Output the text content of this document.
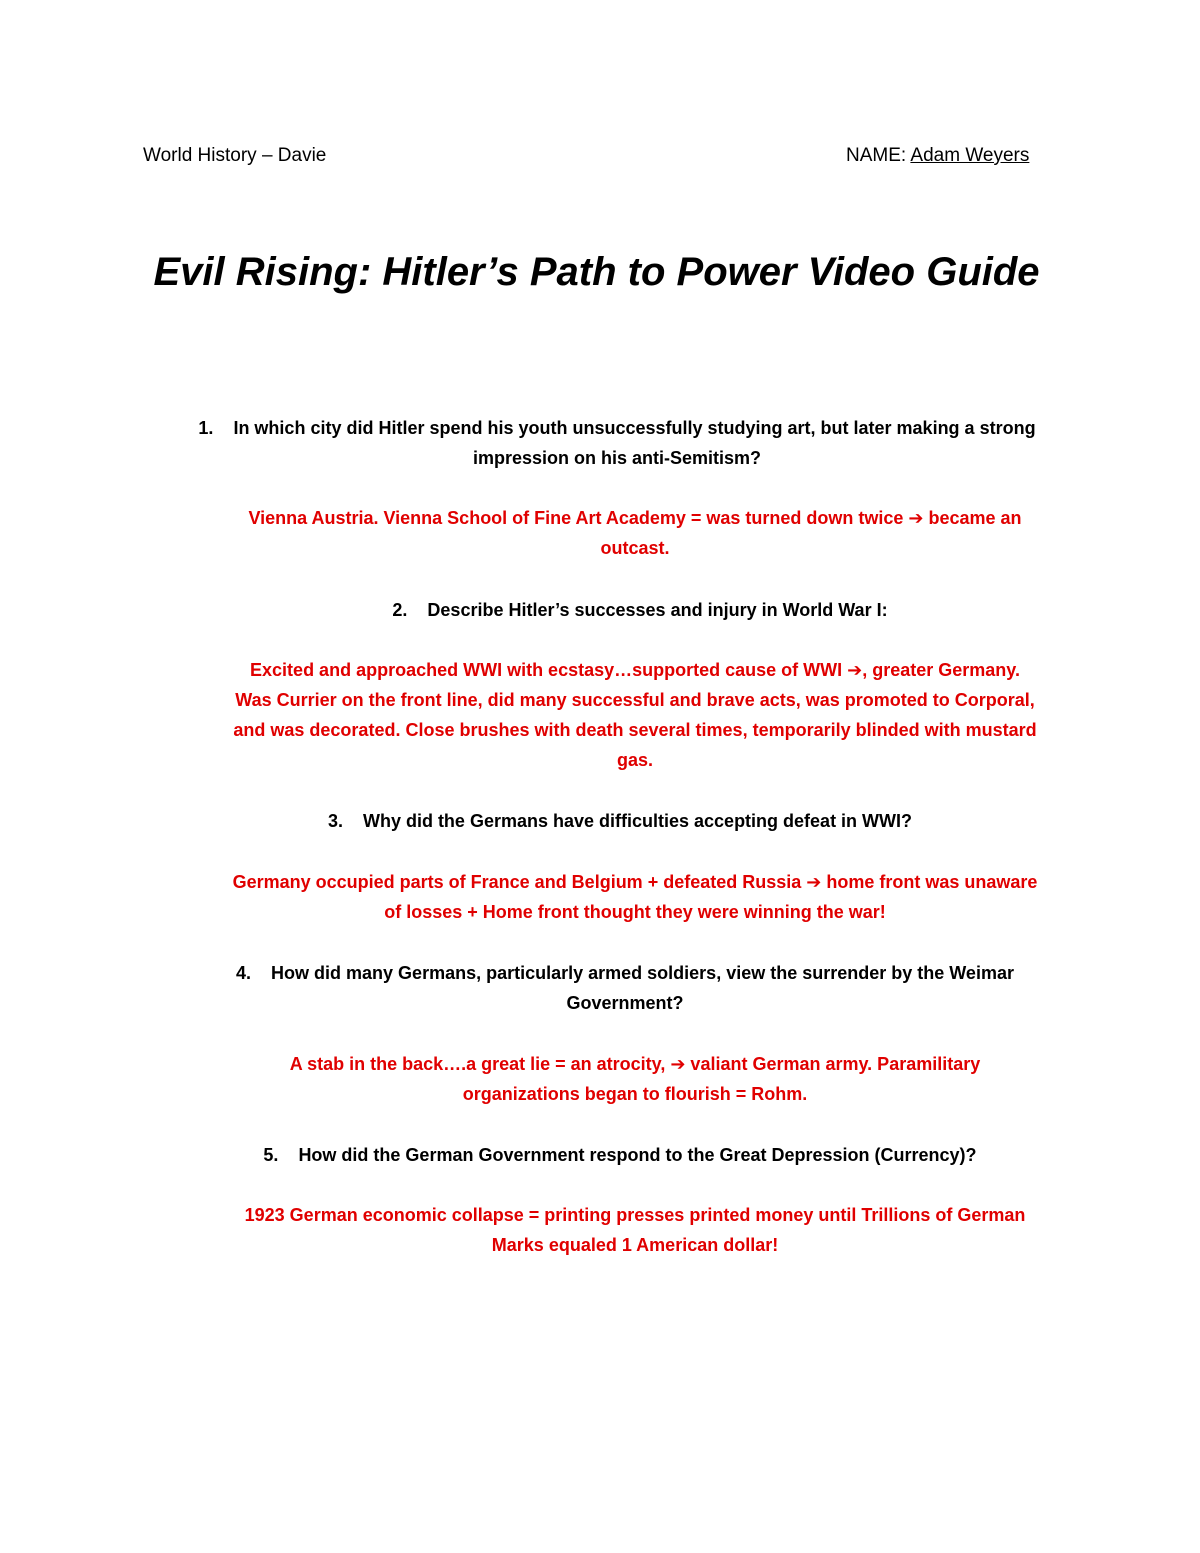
World History – Davie	NAME: Adam Weyers
Evil Rising: Hitler’s Path to Power Video Guide
1. In which city did Hitler spend his youth unsuccessfully studying art, but later making a strong
impression on his anti-Semitism?
Vienna Austria. Vienna School of Fine Art Academy = was turned down twice ➔ became an
outcast.
2. Describe Hitler’s successes and injury in World War I:
Excited and approached WWI with ecstasy…supported cause of WWI ➔, greater Germany.
Was Currier on the front line, did many successful and brave acts, was promoted to Corporal,
and was decorated. Close brushes with death several times, temporarily blinded with mustard
gas.
3. Why did the Germans have difficulties accepting defeat in WWI?
Germany occupied parts of France and Belgium + defeated Russia ➔ home front was unaware
of losses + Home front thought they were winning the war!
4. How did many Germans, particularly armed soldiers, view the surrender by the Weimar
Government?
A stab in the back….a great lie = an atrocity, ➔ valiant German army. Paramilitary
organizations began to flourish = Rohm.
5. How did the German Government respond to the Great Depression (Currency)?
1923 German economic collapse = printing presses printed money until Trillions of German
Marks equaled 1 American dollar!
